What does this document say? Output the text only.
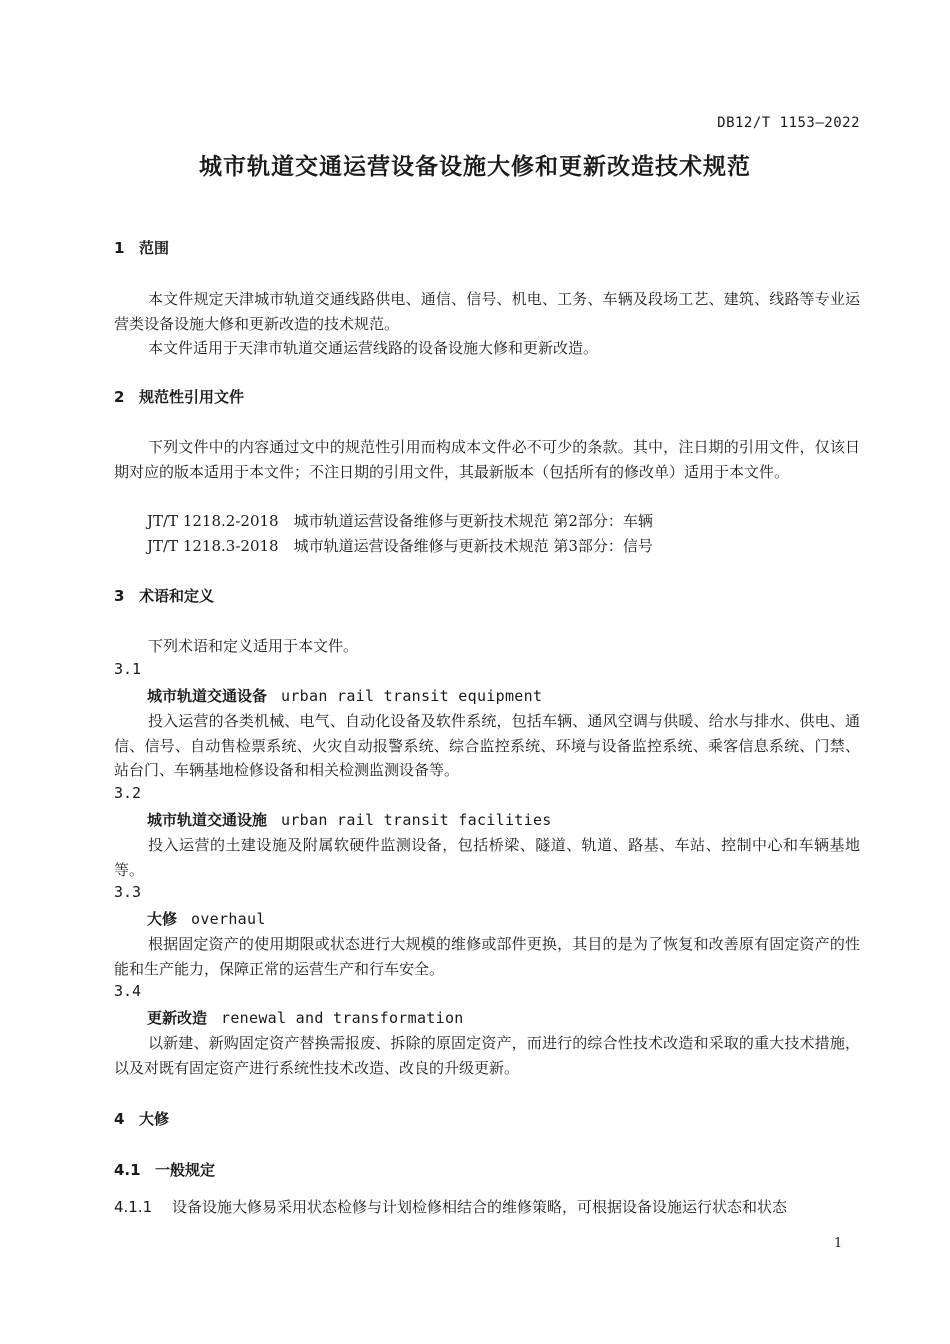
DB12/T 1153—2022
城市轨道交通运营设备设施大修和更新改造技术规范
1 范围
本文件规定天津城市轨道交通线路供电、通信、信号、机电、工务、车辆及段场工艺、建筑、线路等专业运营类设备设施大修和更新改造的技术规范。
本文件适用于天津市轨道交通运营线路的设备设施大修和更新改造。
2 规范性引用文件
下列文件中的内容通过文中的规范性引用而构成本文件必不可少的条款。其中，注日期的引用文件，仅该日期对应的版本适用于本文件；不注日期的引用文件，其最新版本（包括所有的修改单）适用于本文件。
JT/T 1218.2-2018　城市轨道运营设备维修与更新技术规范 第2部分：车辆
JT/T 1218.3-2018　城市轨道运营设备维修与更新技术规范 第3部分：信号
3 术语和定义
下列术语和定义适用于本文件。
3.1
城市轨道交通设备 urban rail transit equipment
投入运营的各类机械、电气、自动化设备及软件系统，包括车辆、通风空调与供暖、给水与排水、供电、通信、信号、自动售检票系统、火灾自动报警系统、综合监控系统、环境与设备监控系统、乘客信息系统、门禁、站台门、车辆基地检修设备和相关检测监测设备等。
3.2
城市轨道交通设施 urban rail transit facilities
投入运营的土建设施及附属软硬件监测设备，包括桥梁、隧道、轨道、路基、车站、控制中心和车辆基地等。
3.3
大修 overhaul
根据固定资产的使用期限或状态进行大规模的维修或部件更换，其目的是为了恢复和改善原有固定资产的性能和生产能力，保障正常的运营生产和行车安全。
3.4
更新改造 renewal and transformation
以新建、新购固定资产替换需报废、拆除的原固定资产，而进行的综合性技术改造和采取的重大技术措施，以及对既有固定资产进行系统性技术改造、改良的升级更新。
4 大修
4.1 一般规定
4.1.1 设备设施大修易采用状态检修与计划检修相结合的维修策略，可根据设备设施运行状态和状态
1
